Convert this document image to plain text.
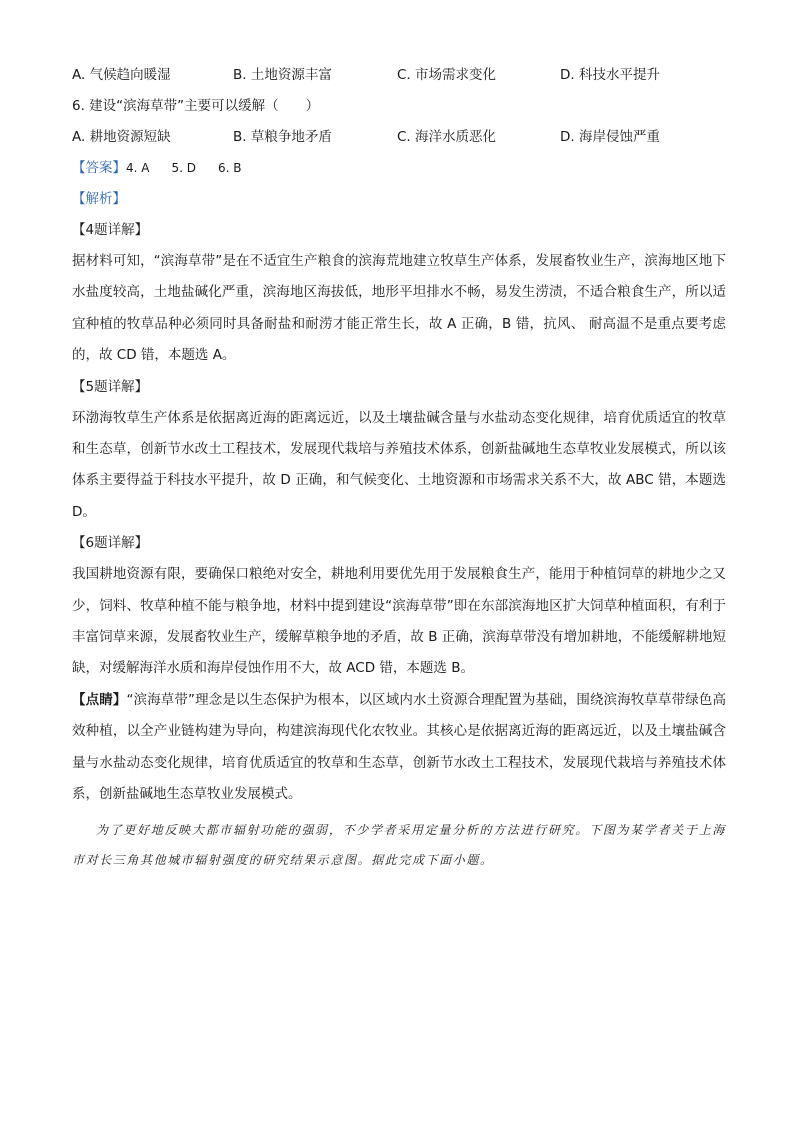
A. 气候趋向暖湿	B. 土地资源丰富	C. 市场需求变化	D. 科技水平提升
6. 建设“滨海草带”主要可以缓解（　　）
A. 耕地资源短缺	B. 草粮争地矛盾	C. 海洋水质恶化	D. 海岸侵蚀严重
【答案】4. A 5. D 6. B
【解析】
【4题详解】

据材料可知，“滨海草带”是在不适宜生产粮食的滨海荒地建立牧草生产体系，发展畜牧业生产，滨海地区地下水盐度较高，土地盐碱化严重，滨海地区海拔低，地形平坦排水不畅，易发生涝渍，不适合粮食生产，所以适宜种植的牧草品种必须同时具备耐盐和耐涝才能正常生长，故 A 正确，B 错，抗风、 耐高温不是重点要考虑的，故 CD 错，本题选 A。

【5题详解】

环渤海牧草生产体系是依据离近海的距离远近，以及土壤盐碱含量与水盐动态变化规律，培育优质适宜的牧草和生态草，创新节水改土工程技术，发展现代栽培与养殖技术体系，创新盐碱地生态草牧业发展模式，所以该体系主要得益于科技水平提升，故 D 正确，和气候变化、土地资源和市场需求关系不大，故 ABC 错，本题选 D。

【6题详解】

我国耕地资源有限，要确保口粮绝对安全，耕地利用要优先用于发展粮食生产，能用于种植饲草的耕地少之又少，饲料、牧草种植不能与粮争地，材料中提到建设“滨海草带”即在东部滨海地区扩大饲草种植面积，有利于丰富饲草来源，发展畜牧业生产，缓解草粮争地的矛盾，故 B 正确，滨海草带没有增加耕地，不能缓解耕地短缺，对缓解海洋水质和海岸侵蚀作用不大，故 ACD 错，本题选 B。

【点睛】“滨海草带”理念是以生态保护为根本，以区域内水土资源合理配置为基础，围绕滨海牧草草带绿色高效种植，以全产业链构建为导向，构建滨海现代化农牧业。其核心是依据离近海的距离远近，以及土壤盐碱含量与水盐动态变化规律，培育优质适宜的牧草和生态草，创新节水改土工程技术，发展现代栽培与养殖技术体系，创新盐碱地生态草牧业发展模式。

为了更好地反映大都市辐射功能的强弱，不少学者采用定量分析的方法进行研究。下图为某学者关于上海市对长三角其他城市辐射强度的研究结果示意图。据此完成下面小题。
